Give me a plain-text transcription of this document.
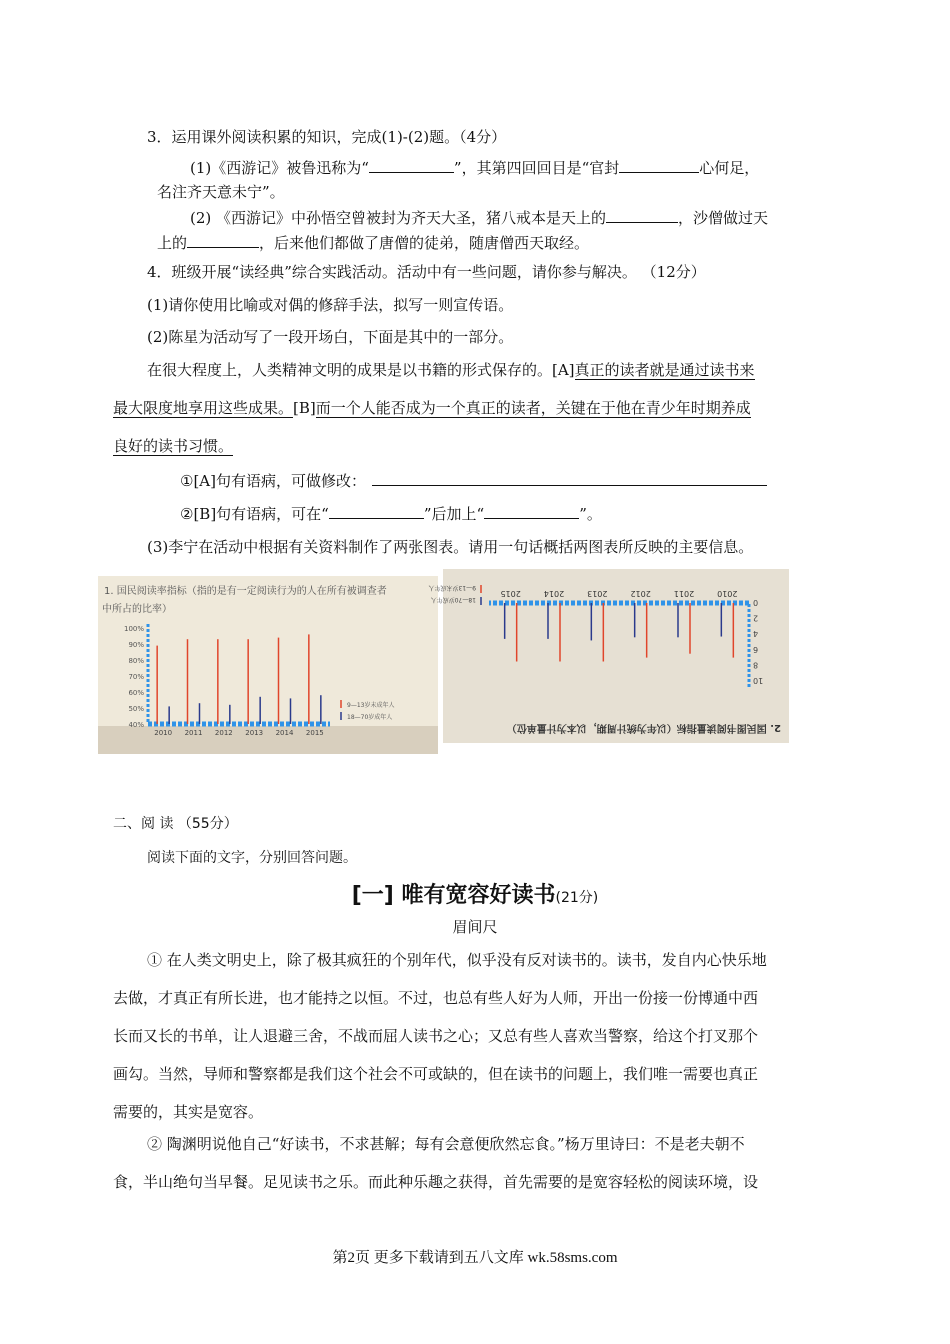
3．运用课外阅读积累的知识，完成(1)-(2)题。（4分）
(1)《西游记》被鲁迅称为“	”，其第四回回目是“官封	心何足，
名注齐天意未宁”。
(2) 《西游记》中孙悟空曾被封为齐天大圣，猪八戒本是天上的	，沙僧做过天
上的	，后来他们都做了唐僧的徒弟，随唐僧西天取经。
4．班级开展“读经典”综合实践活动。活动中有一些问题，请你参与解决。 （12分）
(1)请你使用比喻或对偶的修辞手法，拟写一则宣传语。
(2)陈星为活动写了一段开场白，下面是其中的一部分。
在很大程度上，人类精神文明的成果是以书籍的形式保存的。[A]真正的读者就是通过读书来
最大限度地享用这些成果。[B]而一个人能否成为一个真正的读者，关键在于他在青少年时期养成
良好的读书习惯。
①[A]句有语病，可做修改：
②[B]句有语病，可在“	”后加上“	”。
(3)李宁在活动中根据有关资料制作了两张图表。请用一句话概括两图表所反映的主要信息。
100%
90%
80%
70%
60%
50%
40%
2010 2011 2012 2013 2014 2015
9—13岁未成年人
18—70岁成年人
1. 国民阅读率指标（指的是有一定阅读行为的人在所有被调查者
中所占的比率）
0
2
4
6
8
10
2010
2011
2012
2013
2014
2015
18—70岁成年人
9—13岁未成年人
2. 国民图书阅读量指标（以年为统计周期，以本为计量单位）
二、阅 读 （55分）
阅读下面的文字，分别回答问题。
[一] 唯有宽容好读书(21分)
眉间尺
① 在人类文明史上，除了极其疯狂的个别年代，似乎没有反对读书的。读书，发自内心快乐地
去做，才真正有所长进，也才能持之以恒。不过，也总有些人好为人师，开出一份接一份博通中西
长而又长的书单，让人退避三舍，不战而屈人读书之心；又总有些人喜欢当警察，给这个打叉那个
画勾。当然，导师和警察都是我们这个社会不可或缺的，但在读书的问题上，我们唯一需要也真正
需要的，其实是宽容。
② 陶渊明说他自己“好读书，不求甚解；每有会意便欣然忘食。”杨万里诗曰：不是老夫朝不
食，半山绝句当早餐。足见读书之乐。而此种乐趣之获得，首先需要的是宽容轻松的阅读环境，设
第2页 更多下载请到五八文库 wk.58sms.com
